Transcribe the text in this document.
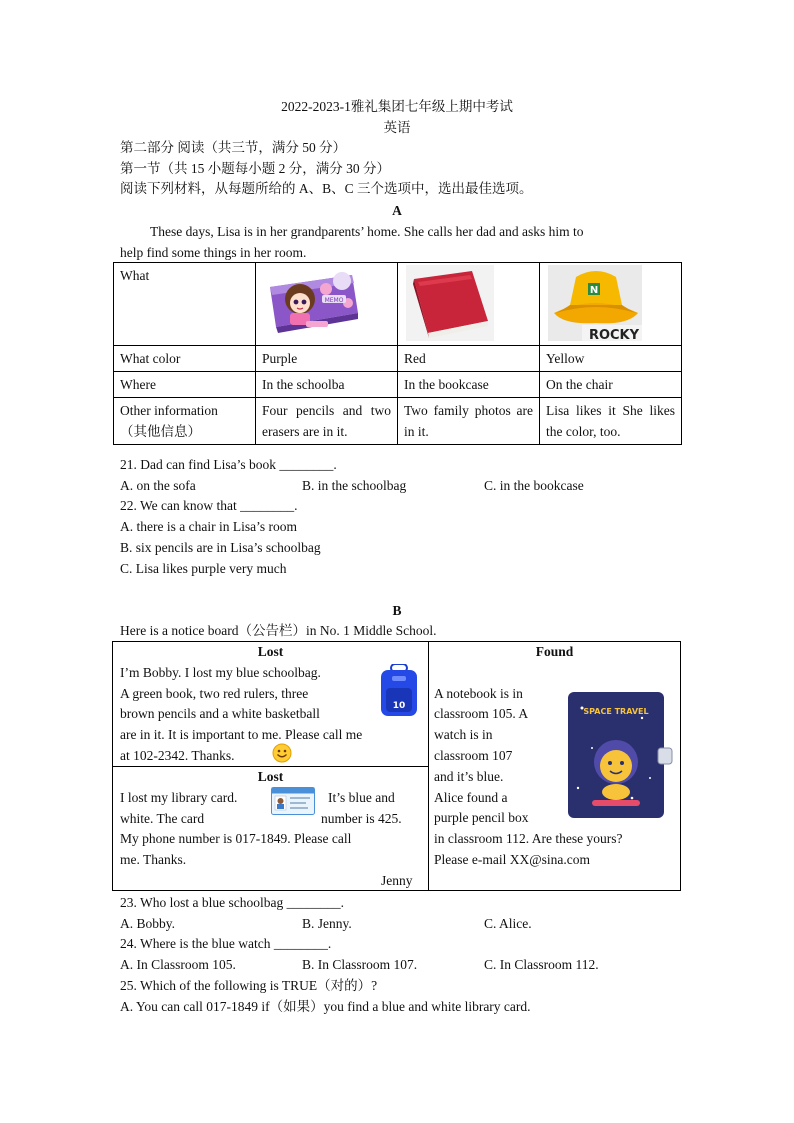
2022-2023-1雅礼集团七年级上期中考试
英语
第二部分 阅读（共三节，满分 50 分）
第一节（共 15 小题每小题 2 分，满分 30 分）
阅读下列材料，从每题所给的 A、B、C 三个选项中，选出最佳选项。
A
These days, Lisa is in her grandparents’ home. She calls her dad and asks him to
help find some things in her room.
What	MEMO		N
ROCKY

What color	Purple	Red	Yellow
Where	In the schoolba	In the bookcase	On the chair

Other information
（其他信息）	Four pencils and two erasers are in it.	Two family photos are in it.	Lisa likes it She likes the color, too.
21. Dad can find Lisa’s book ________.
A. on the sofa	B. in the schoolbag	C. in the bookcase
22. We can know that ________.
A. there is a chair in Lisa’s room
B. six pencils are in Lisa’s schoolbag
C. Lisa likes purple very much
B
Here is a notice board（公告栏）in No. 1 Middle School.
Lost
I’m Bobby. I lost my blue schoolbag.
A green book, two red rulers, three
brown pencils and a white basketball
are in it. It is important to me. Please call me
at 102-2342. Thanks.
10
Lost
I lost my library card.	It’s blue and
white. The card	number is 425.
My phone number is 017-1849. Please call
me. Thanks.
Jenny
Found
A notebook is in
classroom 105. A
watch is in
classroom 107
and it’s blue.
Alice found a
purple pencil box
in classroom 112. Are these yours?
Please e-mail XX@sina.com
SPACE TRAVEL
23. Who lost a blue schoolbag ________.
A. Bobby.	B. Jenny.	C. Alice.
24. Where is the blue watch ________.
A. In Classroom 105.	B. In Classroom 107.	C. In Classroom 112.
25. Which of the following is TRUE（对的）?
A. You can call 017-1849 if（如果）you find a blue and white library card.
